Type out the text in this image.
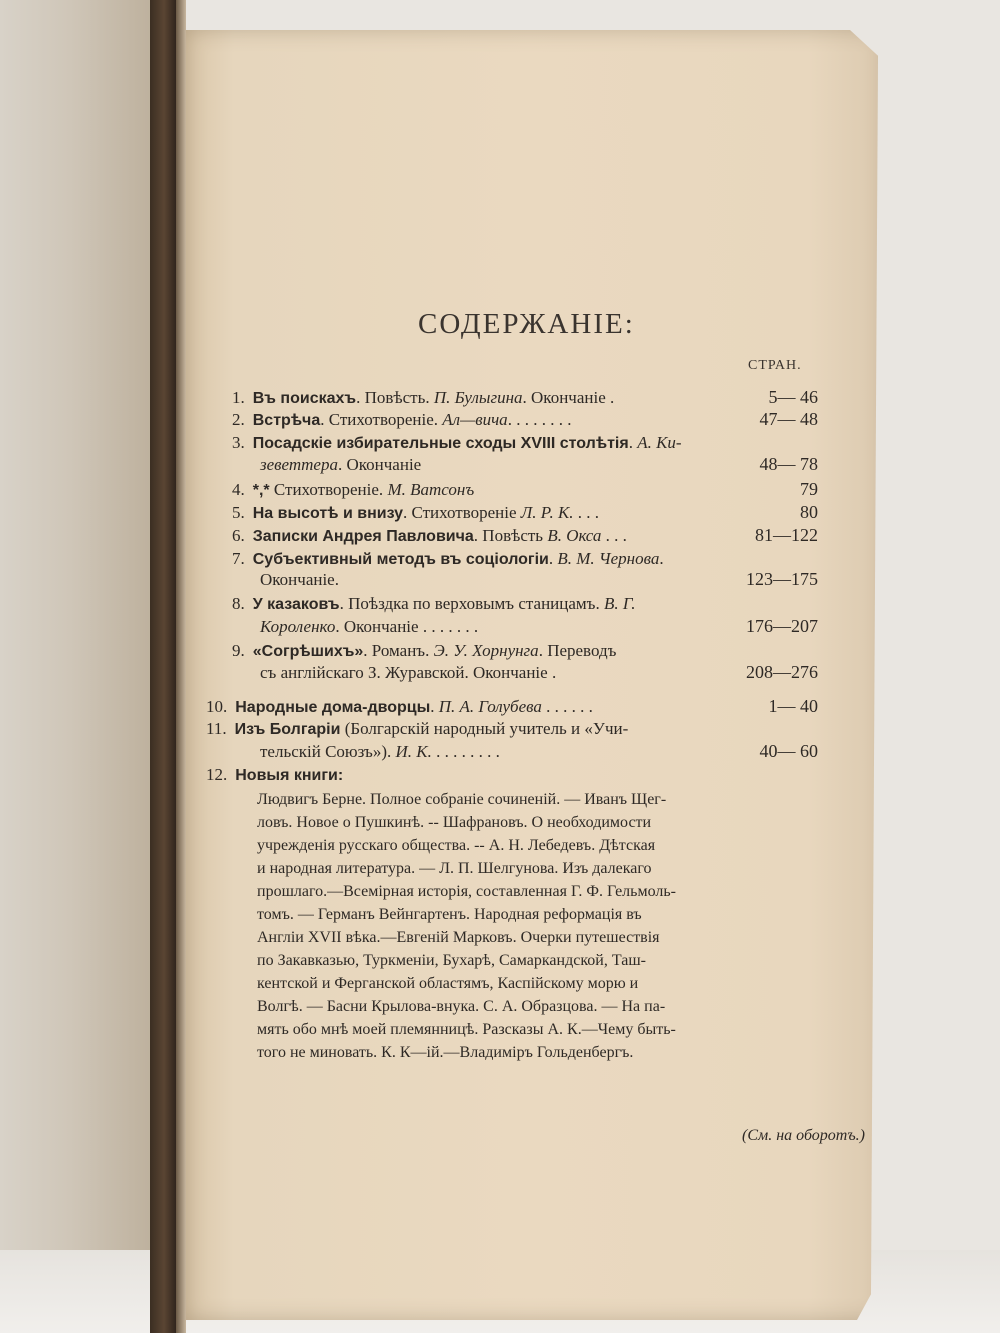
СОДЕРЖАНІЕ:
СТРАН.
1. Въ поискахъ. Повѣсть. П. Булыгина. Окончаніе .	5— 46
2. Встрѣча. Стихотвореніе. Ал—вича. . . . . . . .	47— 48
3. Посадскіе избирательные сходы XVIII столѣтія. А. Ки-
зеветтера. Окончаніе	48— 78
4. *,* Стихотвореніе. М. Ватсонъ	79
5. На высотѣ и внизу. Стихотвореніе Л. Р. К. . . .	80
6. Записки Андрея Павловича. Повѣсть В. Окса . . .	81—122
7. Субъективный методъ въ соціологіи. В. М. Чернова.
Окончаніе.	123—175
8. У казаковъ. Поѣздка по верховымъ станицамъ. В. Г.
Короленко. Окончаніе . . . . . . .	176—207
9. «Согрѣшихъ». Романъ. Э. У. Хорнунга. Переводъ
съ англійскаго З. Журавской. Окончаніе .	208—276
10. Народные дома-дворцы. П. А. Голубева . . . . . .	1— 40
11. Изъ Болгаріи (Болгарскій народный учитель и «Учи-
тельскій Союзъ»). И. К. . . . . . . . .	40— 60
12. Новыя книги:
Людвигъ Берне. Полное собраніе сочиненій. — Иванъ Щег-
ловъ. Новое о Пушкинѣ. -- Шафрановъ. О необходимости
учрежденія русскаго общества. -- А. Н. Лебедевъ. Дѣтская
и народная литература. — Л. П. Шелгунова. Изъ далекаго
прошлаго.—Всемірная исторія, составленная Г. Ф. Гельмоль-
томъ. — Германъ Вейнгартенъ. Народная реформація въ
Англіи XVII вѣка.—Евгеній Марковъ. Очерки путешествія
по Закавказью, Туркменіи, Бухарѣ, Самаркандской, Таш-
кентской и Ферганской областямъ, Каспійскому морю и
Волгѣ. — Басни Крылова-внука. С. А. Образцова. — На па-
мять обо мнѣ моей племянницѣ. Разсказы А. К.—Чему быть-
того не миновать. К. К—ій.—Владиміръ Гольденбергъ.
(См. на оборотъ.)
